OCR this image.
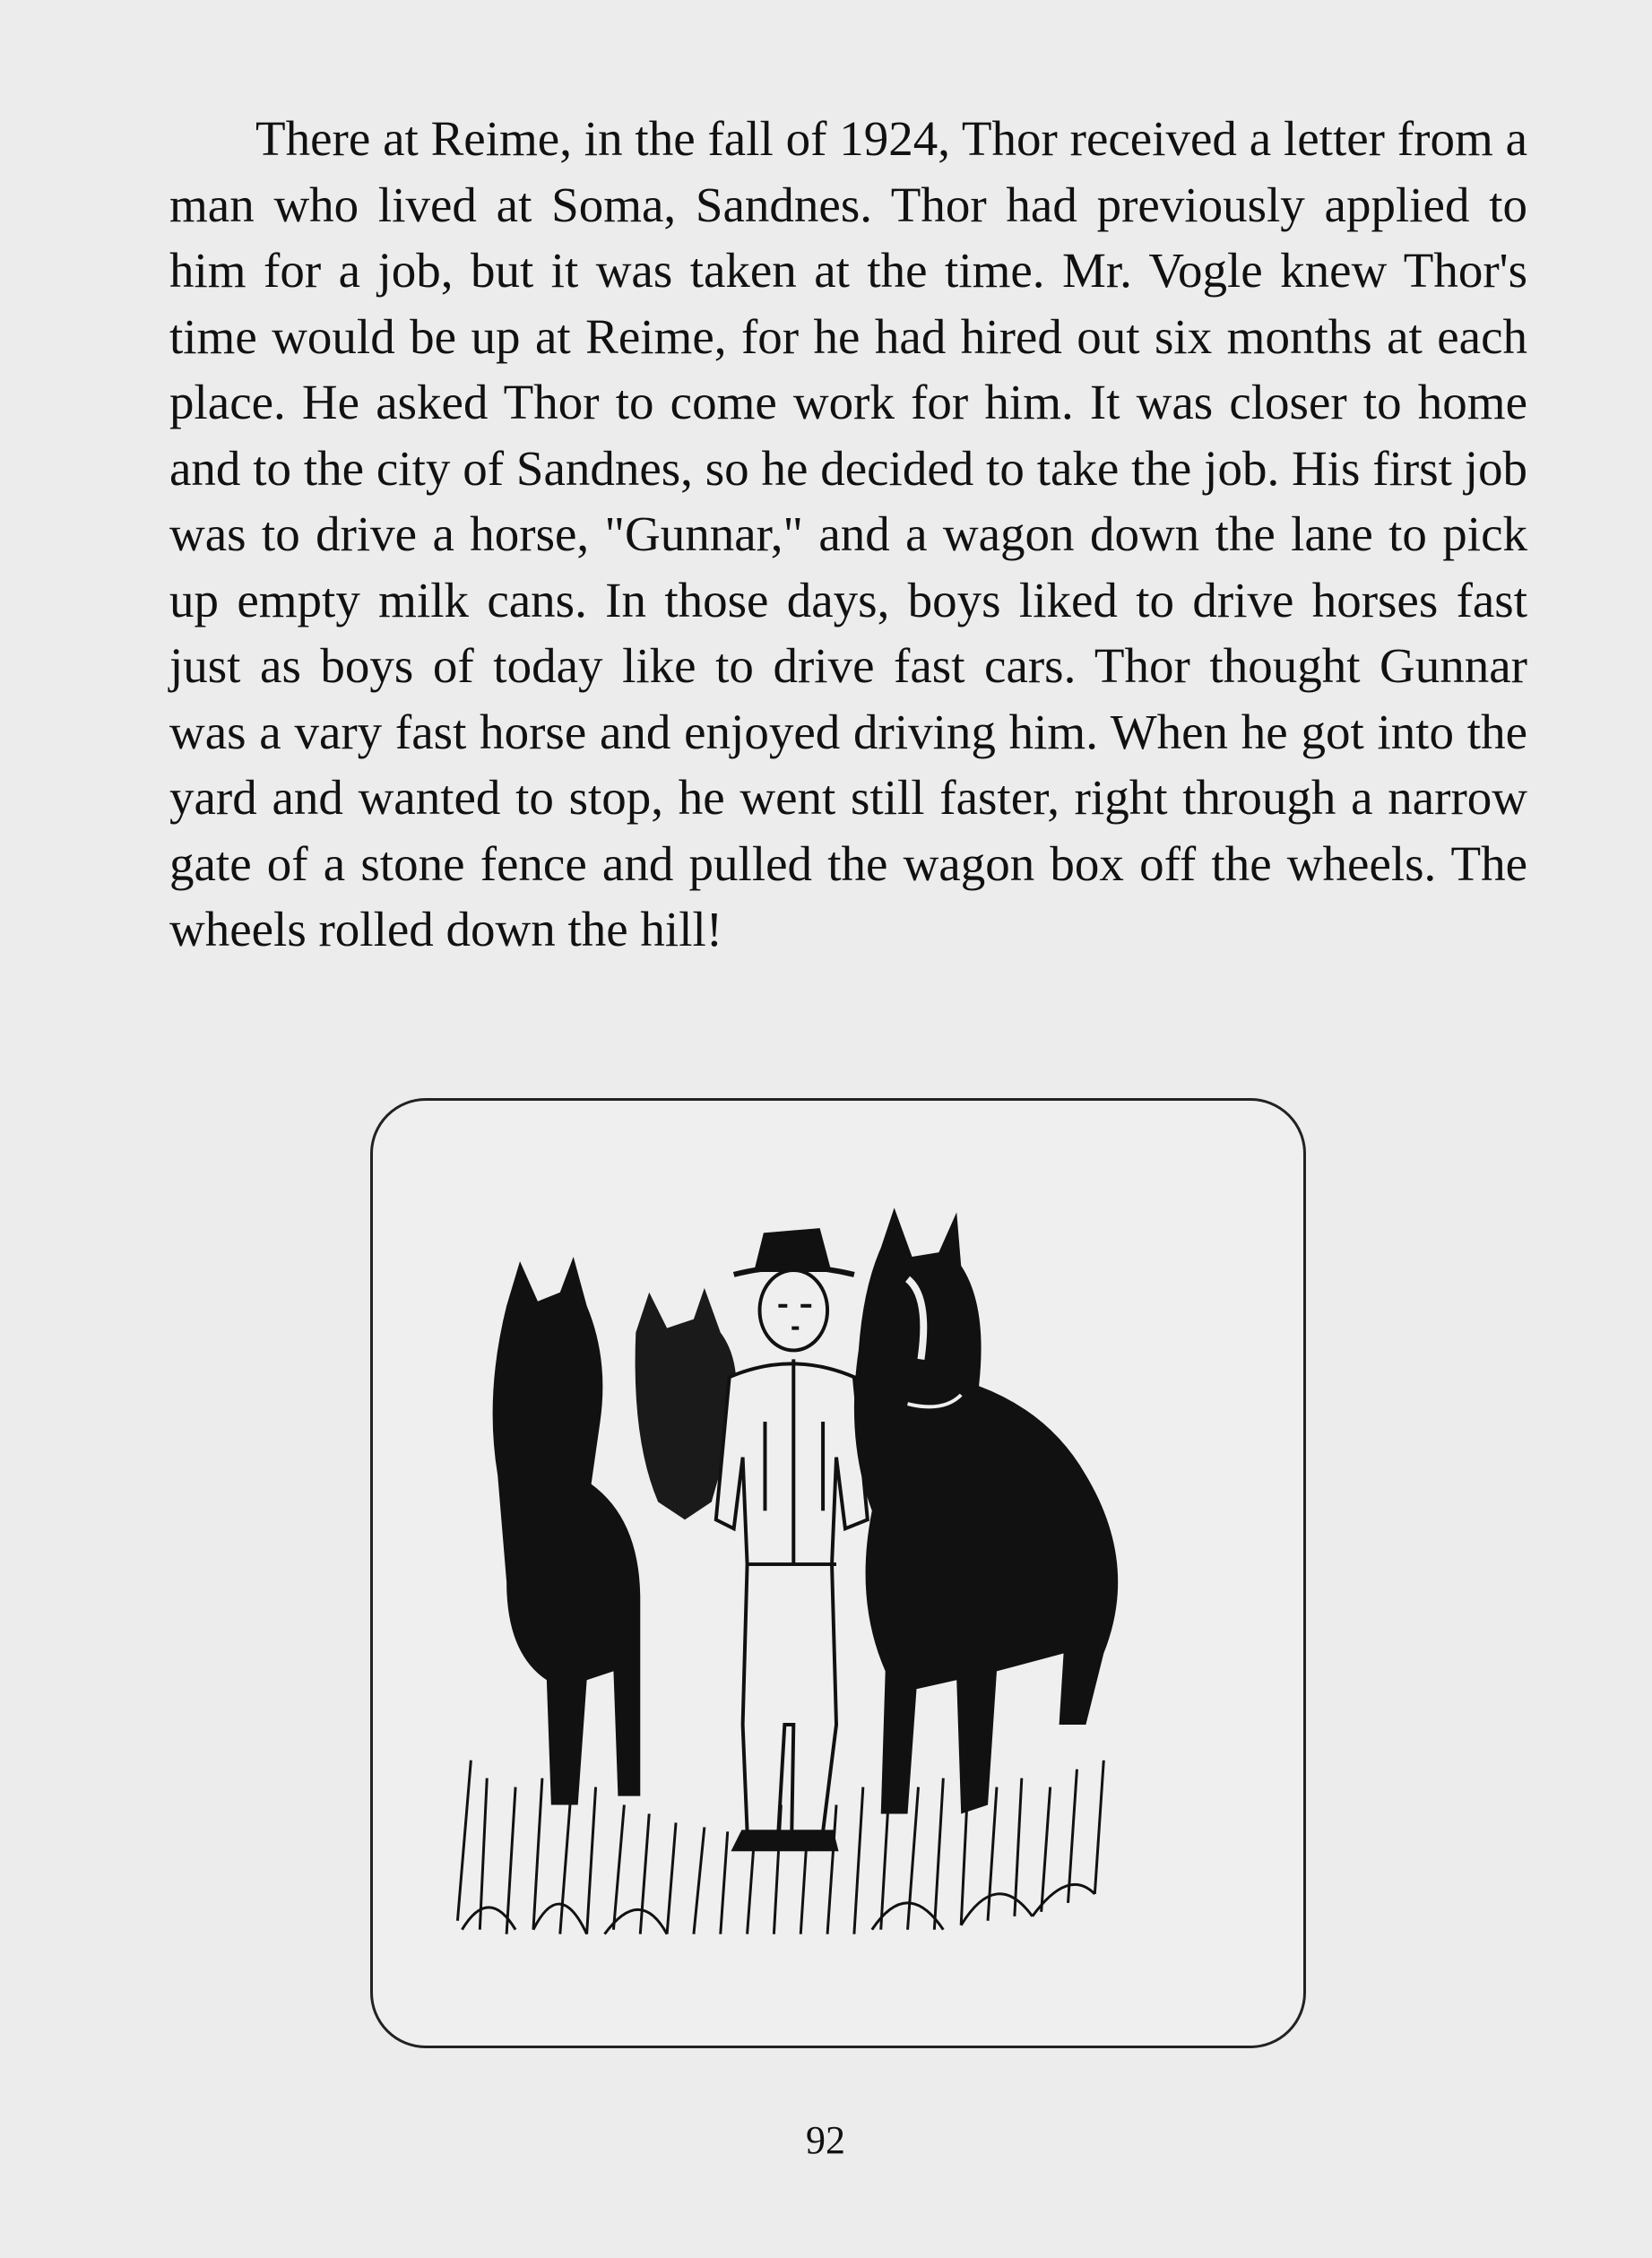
There at Reime, in the fall of 1924, Thor received a letter from a man who lived at Soma, Sandnes. Thor had previously applied to him for a job, but it was taken at the time. Mr. Vogle knew Thor's time would be up at Reime, for he had hired out six months at each place. He asked Thor to come work for him. It was closer to home and to the city of Sandnes, so he decided to take the job. His first job was to drive a horse, "Gunnar," and a wagon down the lane to pick up empty milk cans. In those days, boys liked to drive horses fast just as boys of today like to drive fast cars. Thor thought Gunnar was a vary fast horse and enjoyed driving him. When he got into the yard and wanted to stop, he went still faster, right through a narrow gate of a stone fence and pulled the wagon box off the wheels. The wheels rolled down the hill!

92
